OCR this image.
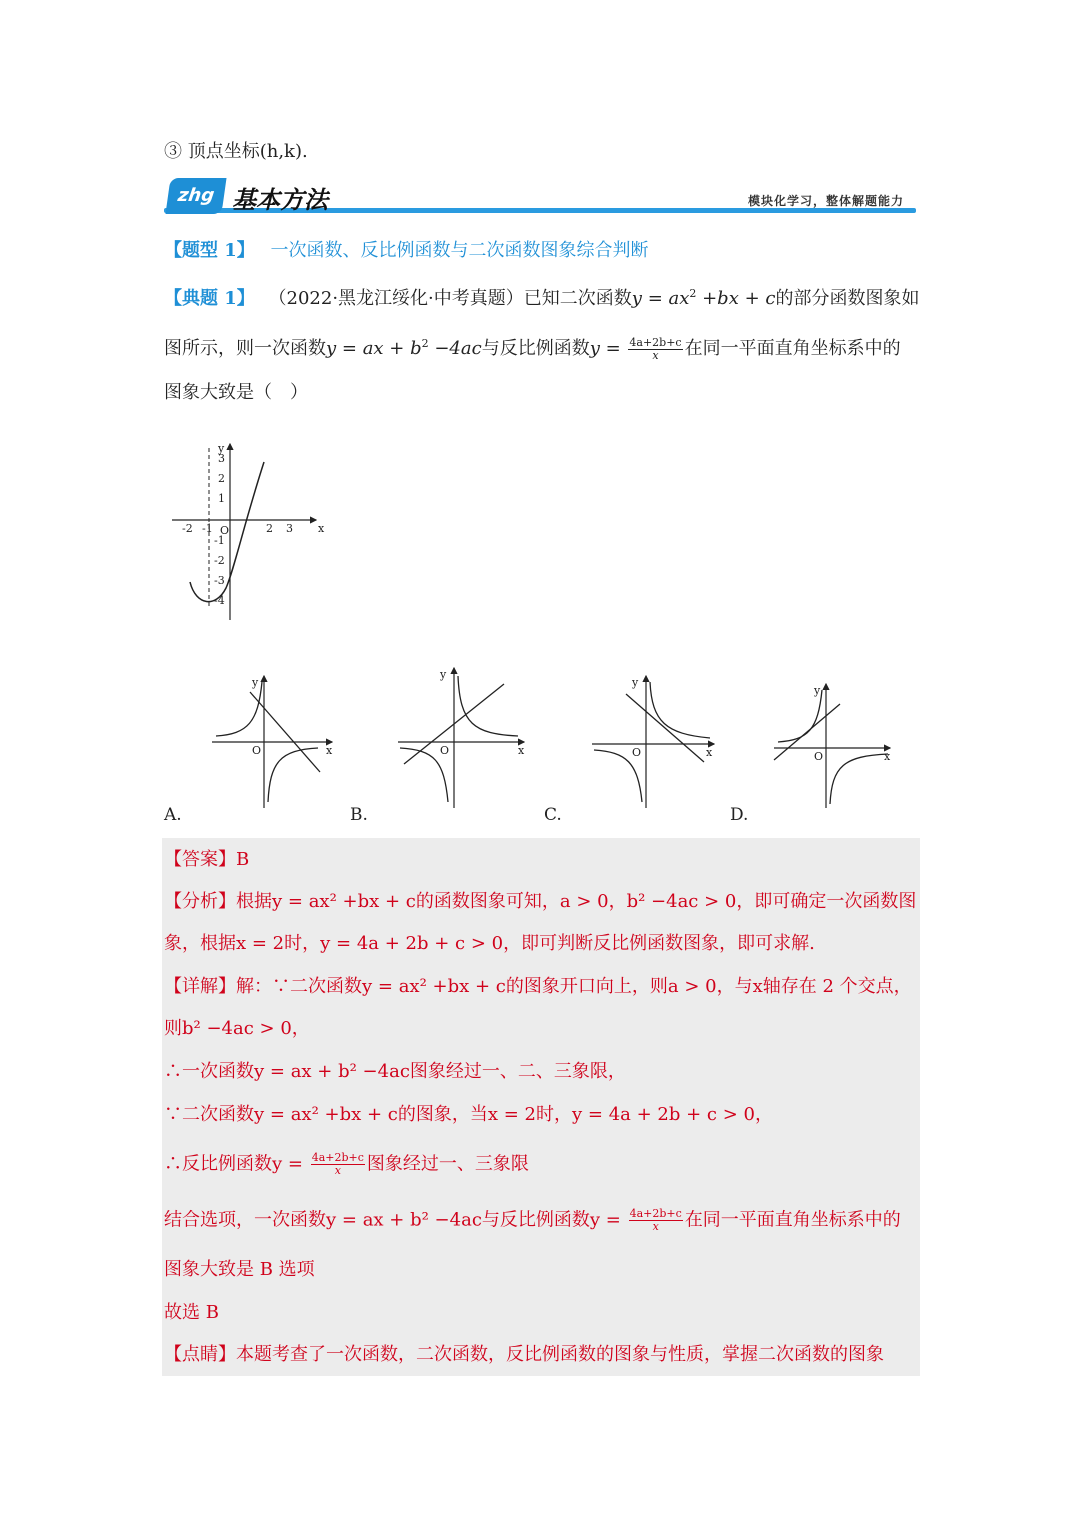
③ 顶点坐标(h,k).
zhg 基本方法	模块化学习，整体解题能力
【题型 1】 一次函数、反比例函数与二次函数图象综合判断
【典题 1】 （2022·黑龙江绥化·中考真题）已知二次函数$y = ax^2 +bx + c$的部分函数图象如
图所示，则一次函数y = ax + $b^2 -4ac$与反比例函数$y = \frac{4a+2b+c}{x}$ 在同一平面直角坐标系中的
图象大致是（　）
x
y
O
-2 -1	2 3
3
2
1
-1
-2
-3
-4
x
y
O	x
y
O	x
y
O	x
y
O
A.	B.	C.	D.
【答案】B
【分析】根据y = ax² +bx + c的函数图象可知，a > 0，b² −4ac > 0，即可确定一次函数图
象，根据x = 2时，y = 4a + 2b + c > 0，即可判断反比例函数图象，即可求解.
【详解】解：∵二次函数y = ax² +bx + c的图象开口向上，则a > 0，与x轴存在 2 个交点，
则b² −4ac > 0，
∴一次函数y = ax + b² −4ac图象经过一、二、三象限，
∵二次函数y = ax² +bx + c的图象，当x = 2时，y = 4a + 2b + c > 0，
∴反比例函数$y = \frac{4a+2b+c}{x}$ 图象经过一、三象限
结合选项，一次函数y = ax + b² −4ac与反比例函数$y = \frac{4a+2b+c}{x}$ 在同一平面直角坐标系中的
图象大致是 B 选项
故选 B
【点睛】本题考查了一次函数，二次函数，反比例函数的图象与性质，掌握二次函数的图象
